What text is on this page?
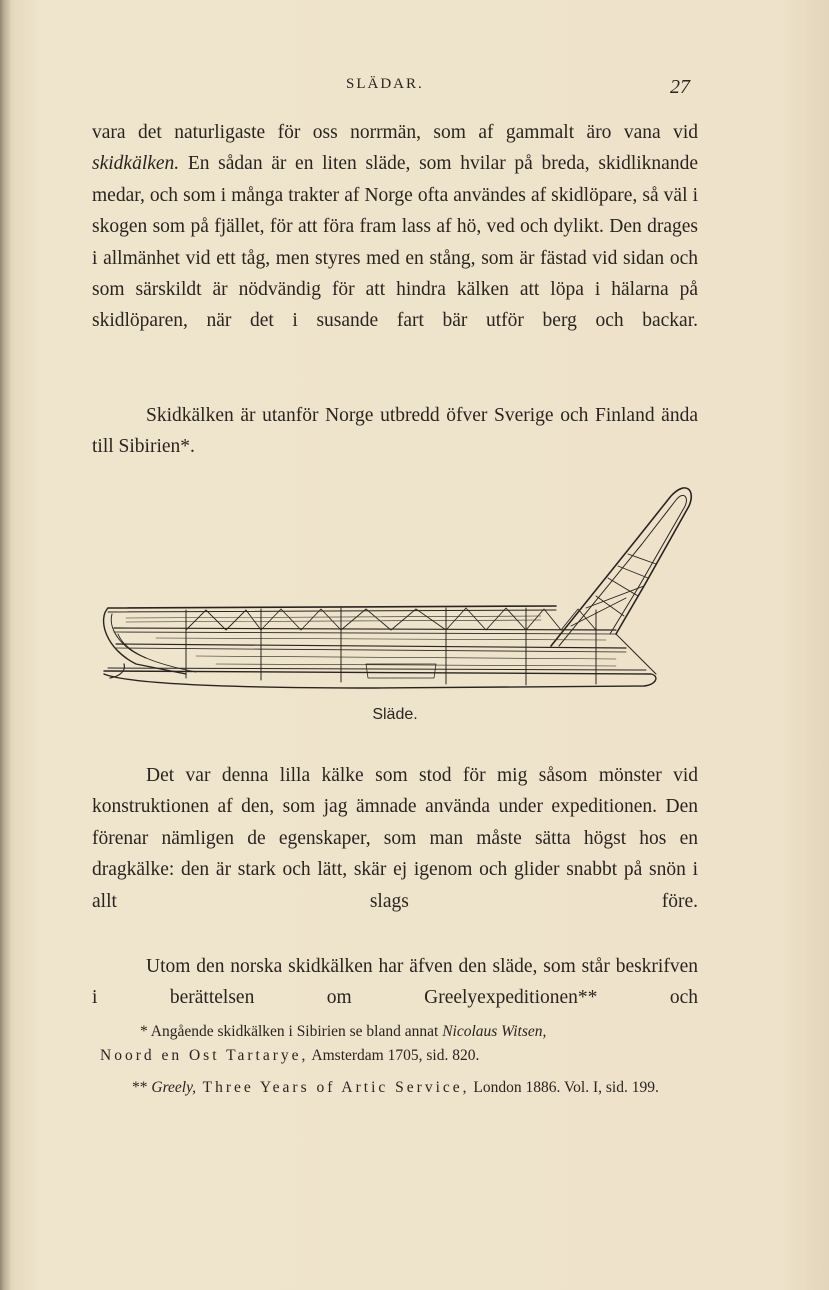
SLÄDAR.	27

vara det naturligaste för oss norrmän, som af gammalt äro vana vid skidkälken. En sådan är en liten släde, som hvilar på breda, skidliknande medar, och som i många trakter af Norge ofta användes af skidlöpare, så väl i skogen som på fjället, för att föra fram lass af hö, ved och dylikt. Den drages i allmänhet vid ett tåg, men styres med en stång, som är fästad vid sidan och som särskildt är nödvändig för att hindra kälken att löpa i hälarna på skidlöparen, när det i susande fart bär utför berg och backar.

Skidkälken är utanför Norge utbredd öfver Sverige och Finland ända till Sibirien*.

Släde.

Det var denna lilla kälke som stod för mig såsom mönster vid konstruktionen af den, som jag ämnade använda under expeditionen. Den förenar nämligen de egenskaper, som man måste sätta högst hos en dragkälke: den är stark och lätt, skär ej igenom och glider snabbt på snön i allt slags före.

Utom den norska skidkälken har äfven den släde, som står beskrifven i berättelsen om Greelyexpeditionen** och

* Angående skidkälken i Sibirien se bland annat Nicolaus Witsen,
Noord en Ost Tartarye, Amsterdam 1705, sid. 820.

** Greely, Three Years of Artic Service, London 1886. Vol. I, sid. 199.
